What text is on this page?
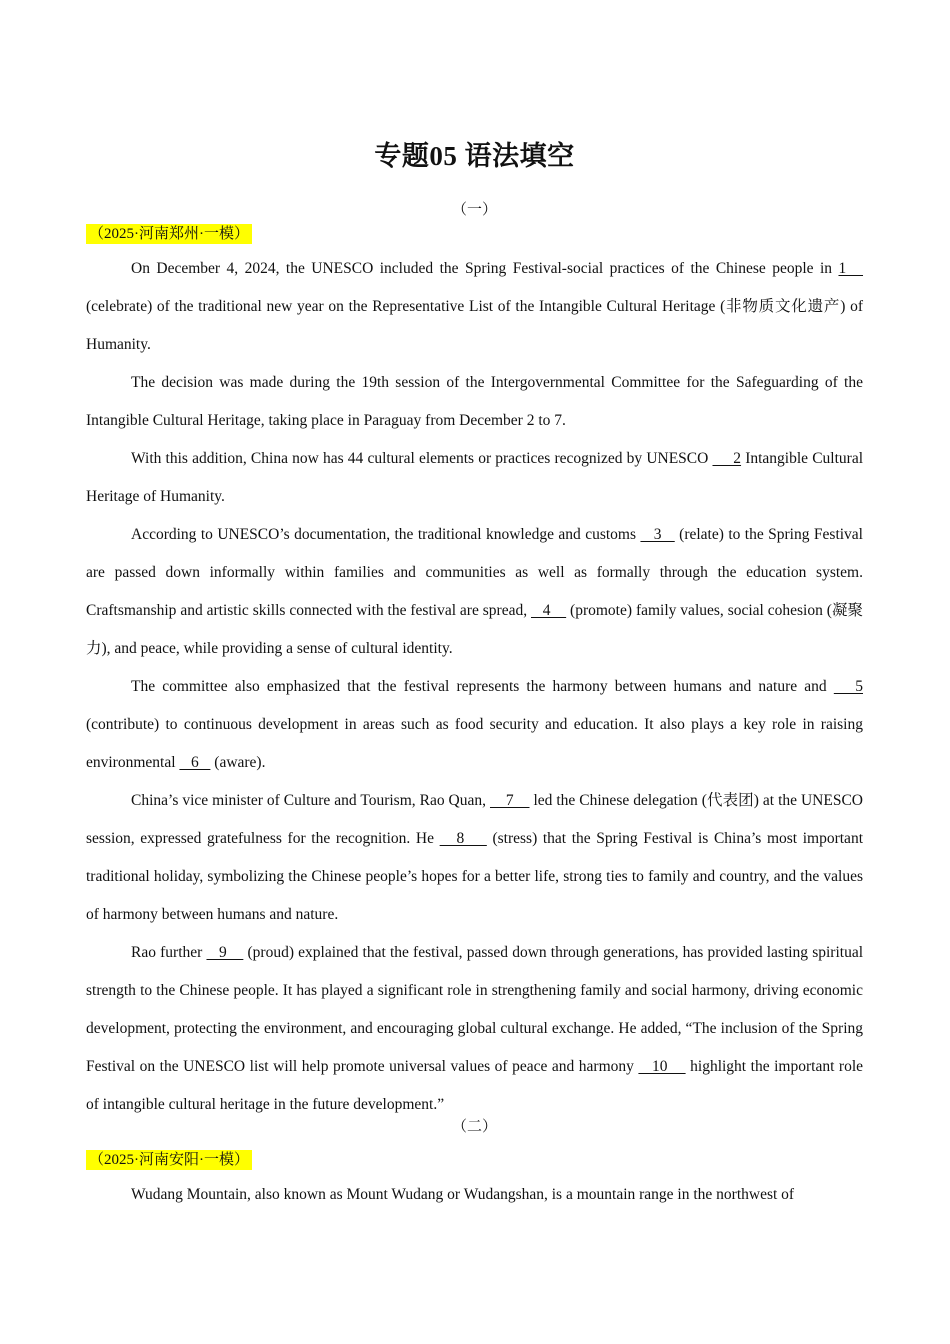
专题05 语法填空
（一）
（2025·河南郑州·一模）

On December 4, 2024, the UNESCO included the Spring Festival-social practices of the Chinese people in 1    (celebrate) of the traditional new year on the Representative List of the Intangible Cultural Heritage (非物质文化遗产) of Humanity.

The decision was made during the 19th session of the Intergovernmental Committee for the Safeguarding of the Intangible Cultural Heritage, taking place in Paraguay from December 2 to 7.

With this addition, China now has 44 cultural elements or practices recognized by UNESCO      2 Intangible Cultural Heritage of Humanity.

According to UNESCO’s documentation, the traditional knowledge and customs    3    (relate) to the Spring Festival are passed down informally within families and communities as well as formally through the education system. Craftsmanship and artistic skills connected with the festival are spread,    4     (promote) family values, social cohesion (凝聚力), and peace, while providing a sense of cultural identity.

The committee also emphasized that the festival represents the harmony between humans and nature and    5 (contribute) to continuous development in areas such as food security and education. It also plays a key role in raising environmental    6    (aware).

China’s vice minister of Culture and Tourism, Rao Quan,     7     led the Chinese delegation (代表团) at the UNESCO session, expressed gratefulness for the recognition. He    8     (stress) that the Spring Festival is China’s most important traditional holiday, symbolizing the Chinese people’s hopes for a better life, strong ties to family and country, and the values of harmony between humans and nature.

Rao further    9     (proud) explained that the festival, passed down through generations, has provided lasting spiritual strength to the Chinese people. It has played a significant role in strengthening family and social harmony, driving economic development, protecting the environment, and encouraging global cultural exchange. He added, “The inclusion of the Spring Festival on the UNESCO list will help promote universal values of peace and harmony    10     highlight the important role of intangible cultural heritage in the future development.”

（二）
（2025·河南安阳·一模）

Wudang Mountain, also known as Mount Wudang or Wudangshan, is a mountain range in the northwest of
